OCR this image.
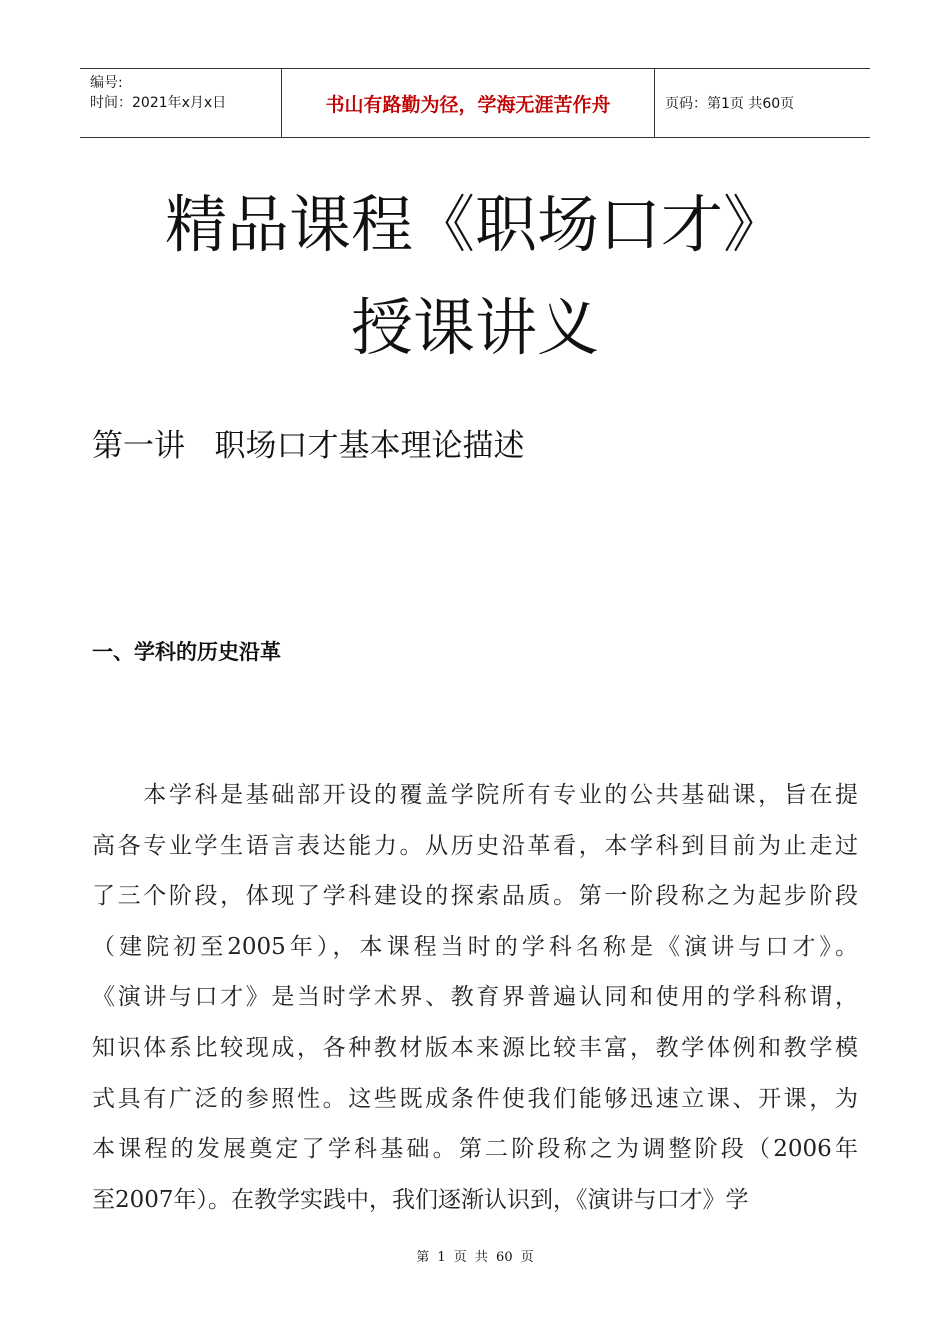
编号:
时间：2021年x月x日	书山有路勤为径，学海无涯苦作舟	页码：第1页 共60页
精品课程《职场口才》
授课讲义
第一讲   职场口才基本理论描述
一、学科的历史沿革

　　本学科是基础部开设的覆盖学院所有专业的公共基础课，旨在提
高各专业学生语言表达能力。从历史沿革看，本学科到目前为止走过
了三个阶段，体现了学科建设的探索品质。第一阶段称之为起步阶段
（建院初至2005年），本课程当时的学科名称是《演讲与口才》。
《演讲与口才》是当时学术界、教育界普遍认同和使用的学科称谓，
知识体系比较现成，各种教材版本来源比较丰富，教学体例和教学模
式具有广泛的参照性。这些既成条件使我们能够迅速立课、开课，为
本课程的发展奠定了学科基础。第二阶段称之为调整阶段（2006年
至2007年）。在教学实践中，我们逐渐认识到，《演讲与口才》学

第 1 页 共 60 页
